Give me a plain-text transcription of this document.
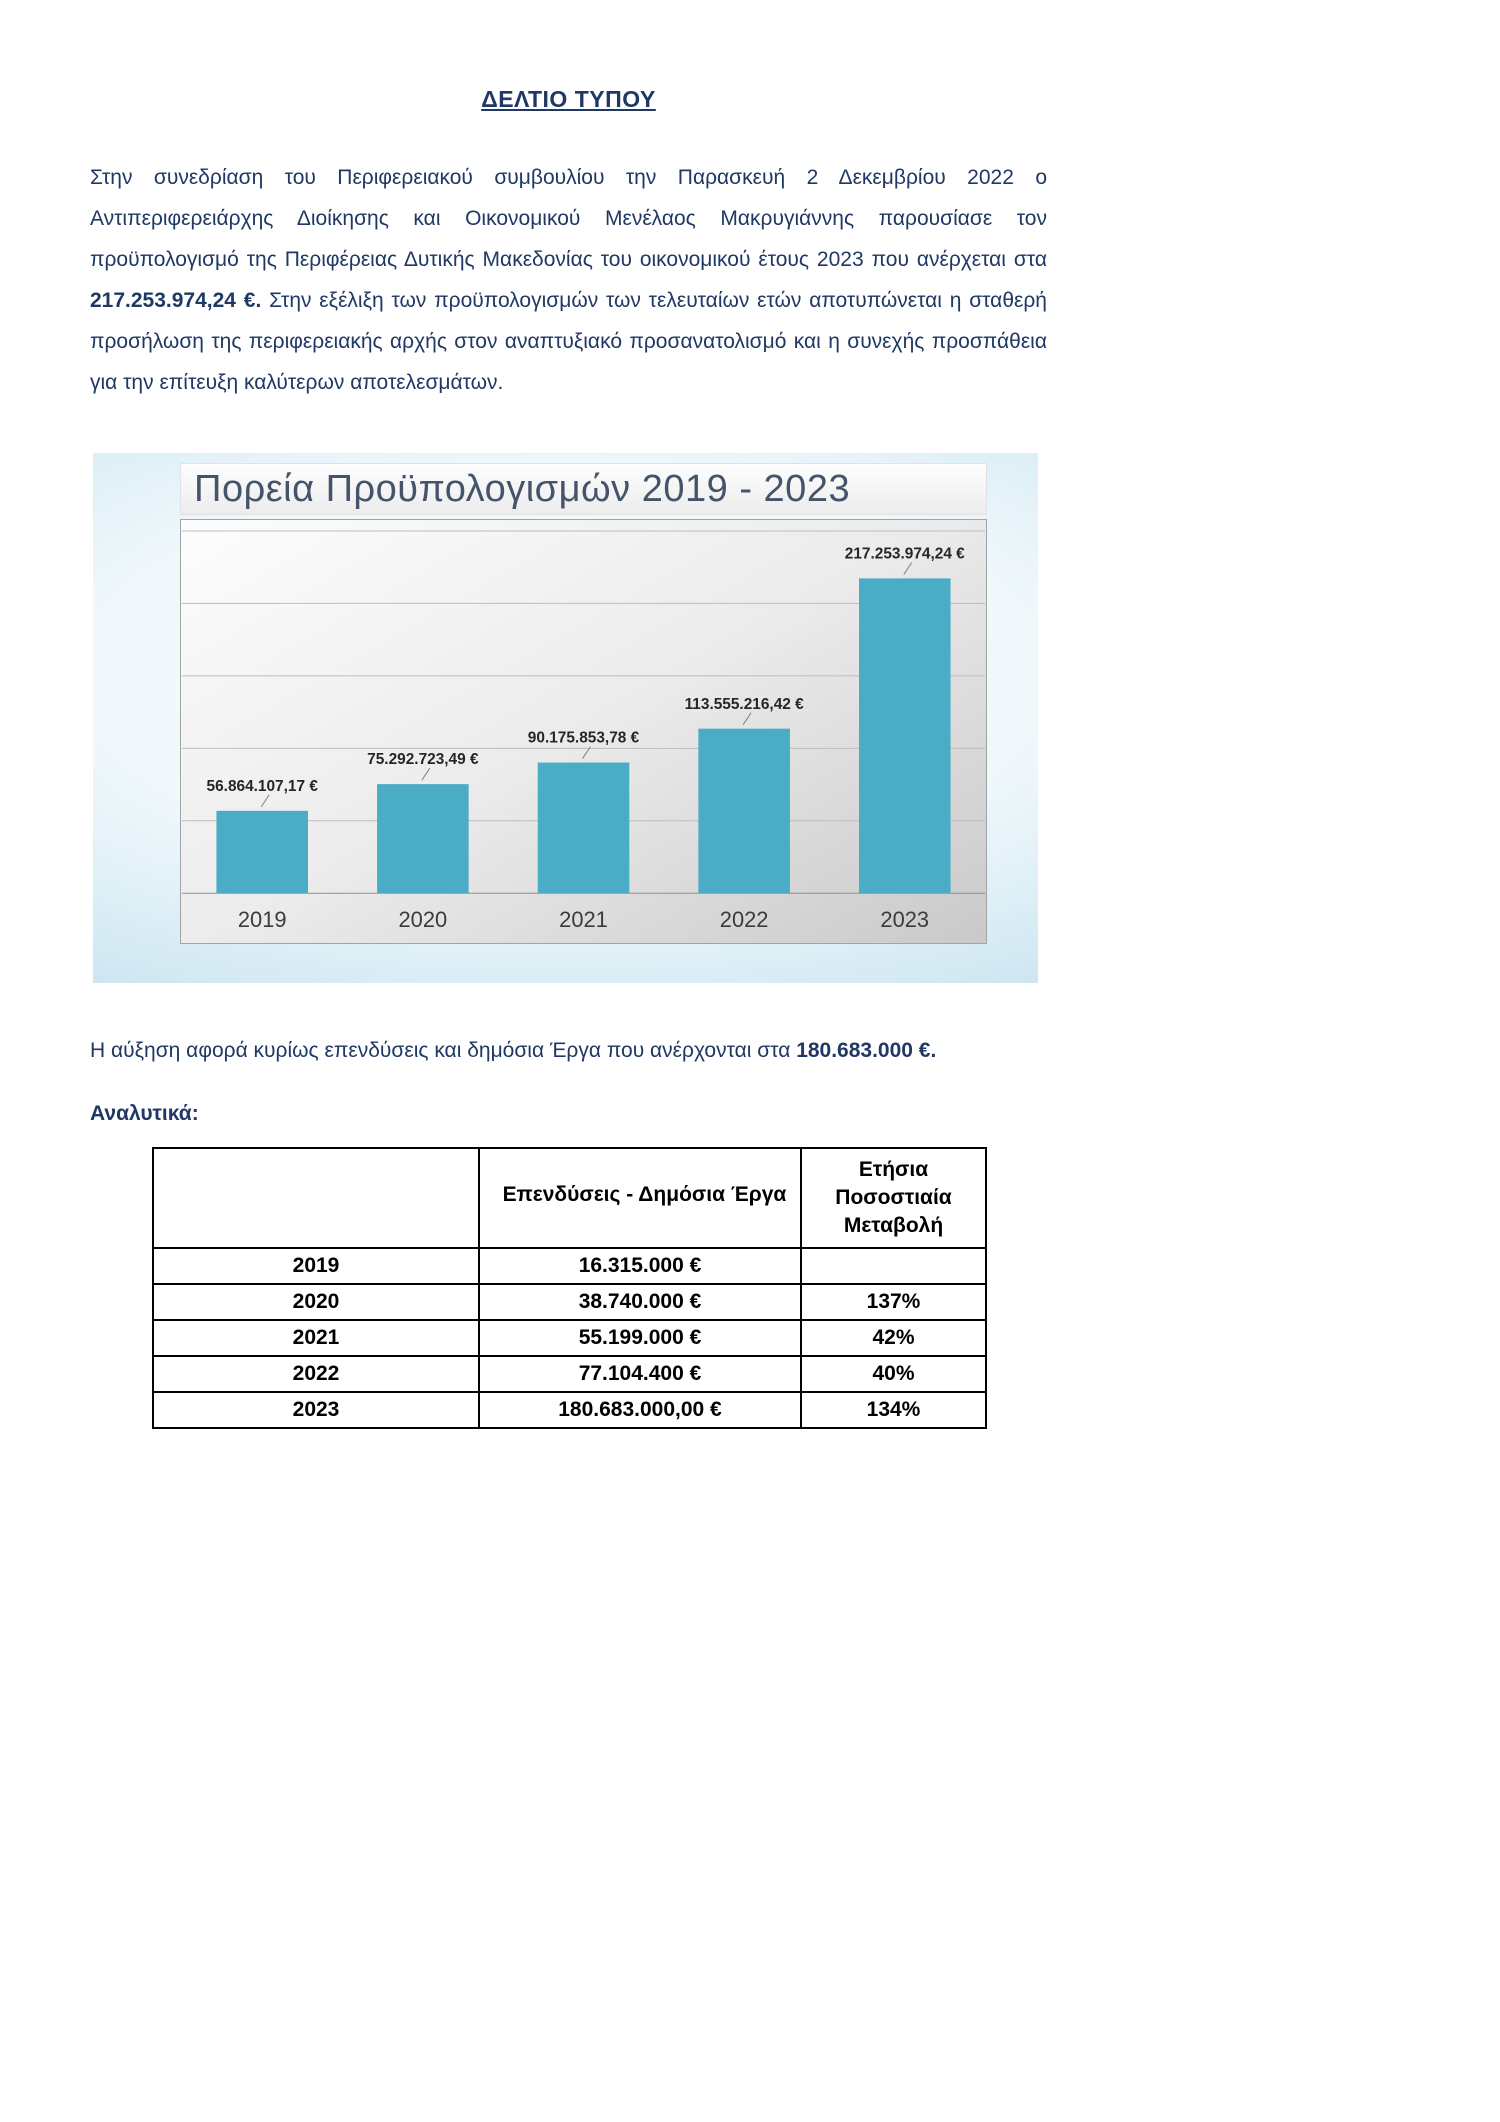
ΔΕΛΤΙΟ ΤΥΠΟΥ

Στην συνεδρίαση του Περιφερειακού συμβουλίου την Παρασκευή 2 Δεκεμβρίου 2022 ο Αντιπεριφερειάρχης Διοίκησης και Οικονομικού Μενέλαος Μακρυγιάννης παρουσίασε τον προϋπολογισμό της Περιφέρειας Δυτικής Μακεδονίας του οικονομικού έτους 2023 που ανέρχεται στα 217.253.974,24 €. Στην εξέλιξη των προϋπολογισμών των τελευταίων ετών αποτυπώνεται η σταθερή προσήλωση της περιφερειακής αρχής στον αναπτυξιακό προσανατολισμό και η συνεχής προσπάθεια για την επίτευξη καλύτερων αποτελεσμάτων.

Πορεία Προϋπολογισμών 2019 - 2023
56.864.107,17 €
2019
75.292.723,49 €
2020
90.175.853,78 €
2021
113.555.216,42 €
2022
217.253.974,24 €
2023

Η αύξηση αφορά κυρίως επενδύσεις και δημόσια Έργα που ανέρχονται στα 180.683.000 €.

Αναλυτικά:
	Επενδύσεις - Δημόσια Έργα	Ετήσια Ποσοστιαία Μεταβολή
2019	16.315.000 €	
2020	38.740.000 €	137%
2021	55.199.000 €	42%
2022	77.104.400 €	40%
2023	180.683.000,00 €	134%
